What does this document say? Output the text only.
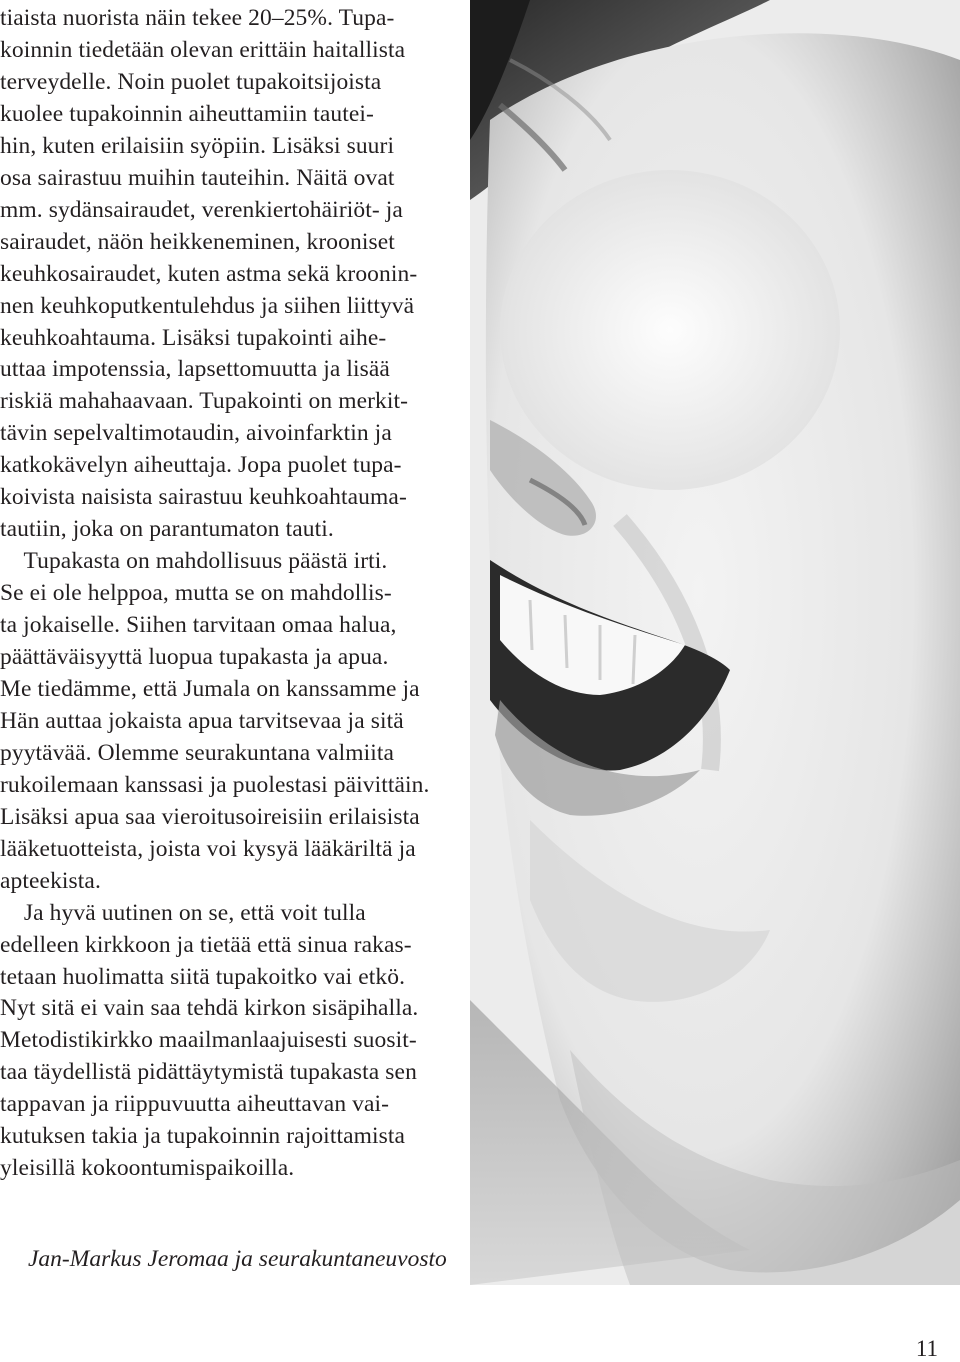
tiaista nuorista näin tekee 20–25%. Tupa-
koinnin tiedetään olevan erittäin haitallista
terveydelle. Noin puolet tupakoitsijoista
kuolee tupakoinnin aiheuttamiin tautei-
hin, kuten erilaisiin syöpiin. Lisäksi suuri
osa sairastuu muihin tauteihin. Näitä ovat
mm. sydänsairaudet, verenkiertohäiriöt- ja
sairaudet, näön heikkeneminen, krooniset
keuhkosairaudet, kuten astma sekä kroonin-
nen keuhkoputkentulehdus ja siihen liittyvä
keuhkoahtauma. Lisäksi tupakointi aihe-
uttaa impotenssia, lapsettomuutta ja lisää
riskiä mahahaavaan. Tupakointi on merkit-
tävin sepelvaltimotaudin, aivoinfarktin ja
katkokävelyn aiheuttaja. Jopa puolet tupa-
koivista naisista sairastuu keuhkoahtauma-
tautiin, joka on parantumaton tauti.
Tupakasta on mahdollisuus päästä irti.
Se ei ole helppoa, mutta se on mahdollis-
ta jokaiselle. Siihen tarvitaan omaa halua,
päättäväisyyttä luopua tupakasta ja apua.
Me tiedämme, että Jumala on kanssamme ja
Hän auttaa jokaista apua tarvitsevaa ja sitä
pyytävää. Olemme seurakuntana valmiita
rukoilemaan kanssasi ja puolestasi päivittäin.
Lisäksi apua saa vieroitusoireisiin erilaisista
lääketuotteista, joista voi kysyä lääkäriltä ja
apteekista.
Ja hyvä uutinen on se, että voit tulla
edelleen kirkkoon ja tietää että sinua rakas-
tetaan huolimatta siitä tupakoitko vai etkö.
Nyt sitä ei vain saa tehdä kirkon sisäpihalla.
Metodistikirkko maailmanlaajuisesti suosit-
taa täydellistä pidättäytymistä tupakasta sen
tappavan ja riippuvuutta aiheuttavan vai-
kutuksen takia ja tupakoinnin rajoittamista
yleisillä kokoontumispaikoilla.
Jan-Markus Jeromaa ja seurakuntaneuvosto
11
